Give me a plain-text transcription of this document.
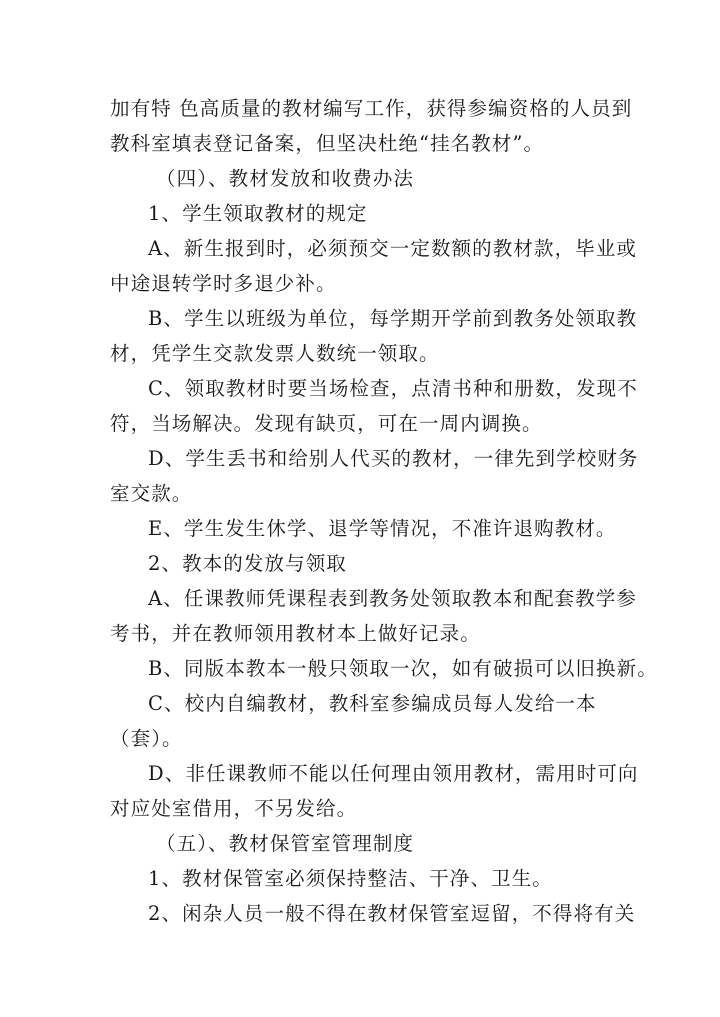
加有特 色高质量的教材编写工作，获得参编资格的人员到
教科室填表登记备案，但坚决杜绝“挂名教材”。
（四）、教材发放和收费办法
1、学生领取教材的规定
A、新生报到时，必须预交一定数额的教材款，毕业或
中途退转学时多退少补。
B、学生以班级为单位，每学期开学前到教务处领取教
材，凭学生交款发票人数统一领取。
C、领取教材时要当场检查，点清书种和册数，发现不
符，当场解决。发现有缺页，可在一周内调换。
D、学生丢书和给别人代买的教材，一律先到学校财务
室交款。
E、学生发生休学、退学等情况，不准许退购教材。
2、教本的发放与领取
A、任课教师凭课程表到教务处领取教本和配套教学参
考书，并在教师领用教材本上做好记录。
B、同版本教本一般只领取一次，如有破损可以旧换新。
C、校内自编教材，教科室参编成员每人发给一本
（套）。
D、非任课教师不能以任何理由领用教材，需用时可向
对应处室借用，不另发给。
（五）、教材保管室管理制度
1、教材保管室必须保持整洁、干净、卫生。
2、闲杂人员一般不得在教材保管室逗留，不得将有关
